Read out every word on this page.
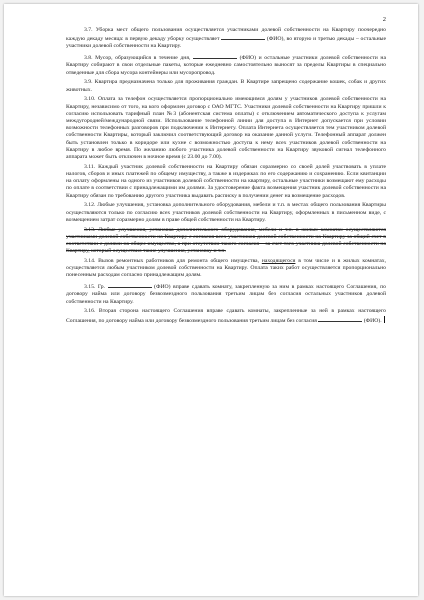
2

3.7. Уборка мест общего пользования осуществляется участниками долевой собственности на Квартиру поочередно каждую декаду месяца: в первую декаду уборку осуществляет	(ФИО), во вторую и третью декады – остальные участники долевой собственности на Квартиру.

3.8. Мусор, образующийся в течение дня,	(ФИО) и остальные участники долевой собственности на Квартиру собирают в свои отдельные пакеты, которые ежедневно самостоятельно выносят за пределы Квартиры в специально отведенные для сбора мусора контейнеры или мусоропровод.

3.9. Квартира предназначена только для проживания граждан. В Квартире запрещено содержание кошек, собак и других животных.

3.10. Оплата за телефон осуществляется пропорционально имеющимся долям у участников долевой собственности на Квартиру, независимо от того, на кого оформлен договор с ОАО МГТС. Участники долевой собственности на Квартиру пришли к согласию использовать тарифный план №3 (абонентская система оплаты) с отключением автоматического доступа к услугам междугородней/международной связи. Использование телефонной линии для доступа в Интернет допускается при условии возможности телефонных разговоров при подключении к Интернету. Оплата Интернета осуществляется тем участником долевой собственности Квартиры, который заключил соответствующий договор на оказание данной услуги. Телефонный аппарат должен быть установлен только в коридоре или кухне с возможностью доступа к нему всех участников долевой собственности на Квартиру в любое время. По желанию любого участника долевой собственности на Квартиру звуковой сигнал телефонного аппарата может быть отключен в ночное время (с 23.00 до 7.00).

3.11. Каждый участник долевой собственности на Квартиру обязан соразмерно со своей долей участвовать в уплате налогов, сборов и иных платежей по общему имуществу, а также в издержках по его содержанию и сохранению. Если квитанции на оплату оформлены на одного из участников долевой собственности на квартиру, остальные участники возмещают ему расходы по оплате в соответствии с принадлежащими им долями. За удостоверение факта возмещения участник долевой собственности на Квартиру обязан по требованию другого участника выдавать расписку в получении денег на возмещение расходов.

3.12. Любые улучшения, установка дополнительного оборудования, мебели и т.п. в местах общего пользования Квартиры осуществляются только по согласию всех участников долевой собственности на Квартиру, оформленных в письменном виде, с возмещением затрат соразмерно долям в праве общей собственности на Квартиру.

3.13. Любые улучшения, установка дополнительного оборудования, мебели и т.п. в жилых комнатах осуществляются участниками долевой собственности на Квартиру с согласия всех участников долевой собственности на Квартиру за общий счет в соответствии с долями на общее имущество, а при отсутствии такого согласия – за счет того участника долевой собственности на Квартиру, который осуществил такие улучшения, установку и т.п.

3.14. Вызов ремонтных работников для ремонта общего имущества, находящегося в том числе и в жилых комнатах, осуществляется любым участником долевой собственности на Квартиру. Оплата таких работ осуществляется пропорционально понесенным расходам согласно принадлежащим долям.

3.15. Гр.	(ФИО) вправе сдавать комнату, закрепленную за ним в рамках настоящего Соглашения, по договору найма или договору безвозмездного пользования третьим лицам без согласия остальных участников долевой собственности на Квартиру.

3.16. Вторая сторона настоящего Соглашения вправе сдавать комнаты, закрепленные за ней в рамках настоящего Соглашения, по договору найма или договору безвозмездного пользования третьим лицам без согласия	(ФИО).
